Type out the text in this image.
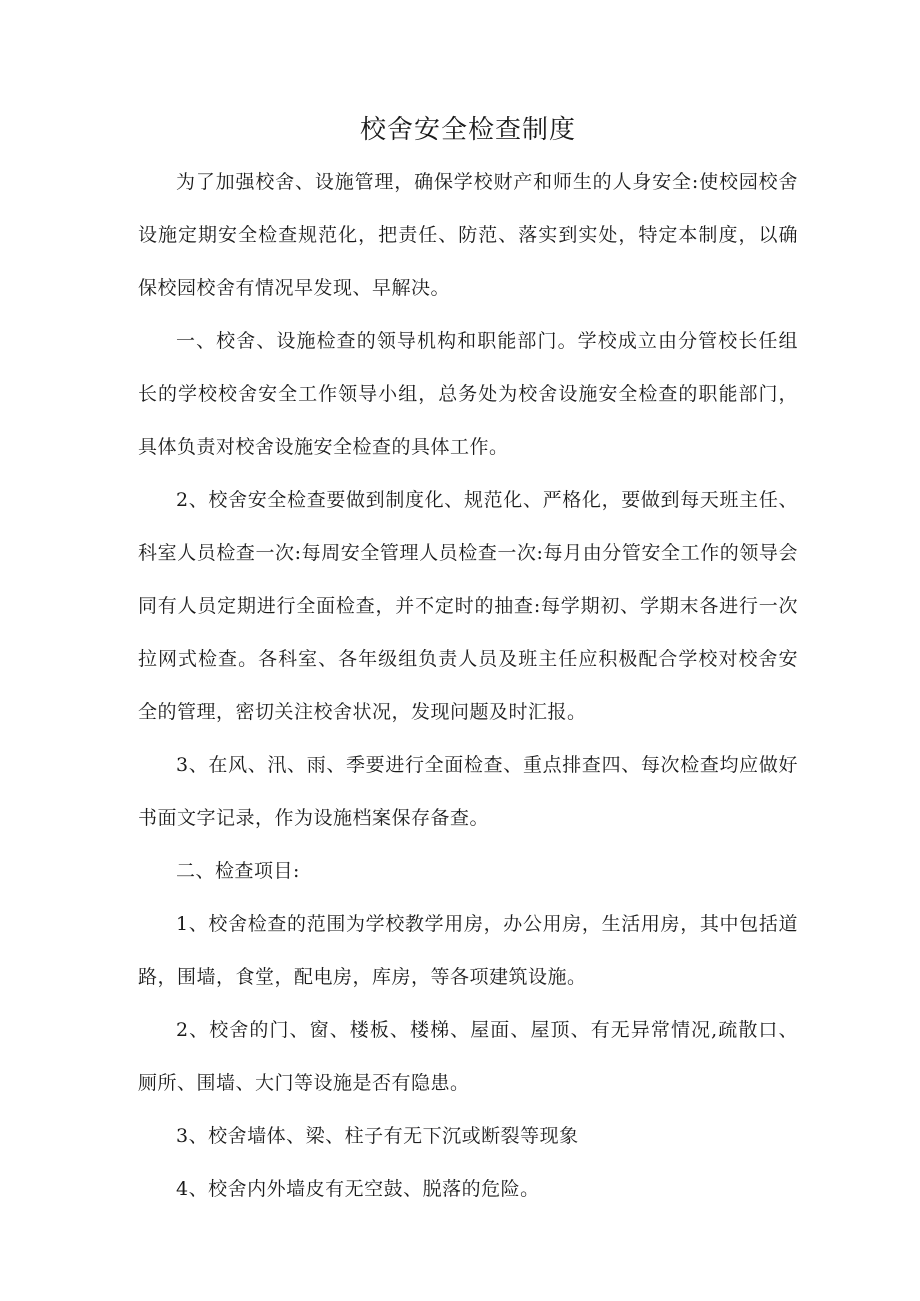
校舍安全检查制度

为了加强校舍、设施管理，确保学校财产和师生的人身安全:使校园校舍设施定期安全检查规范化，把责任、防范、落实到实处，特定本制度，以确保校园校舍有情况早发现、早解决。

一、校舍、设施检查的领导机构和职能部门。学校成立由分管校长任组长的学校校舍安全工作领导小组，总务处为校舍设施安全检查的职能部门，具体负责对校舍设施安全检查的具体工作。

2、校舍安全检查要做到制度化、规范化、严格化，要做到每天班主任、科室人员检查一次:每周安全管理人员检查一次:每月由分管安全工作的领导会同有人员定期进行全面检查，并不定时的抽查:每学期初、学期末各进行一次拉网式检查。各科室、各年级组负责人员及班主任应积极配合学校对校舍安全的管理，密切关注校舍状况，发现问题及时汇报。

3、在风、汛、雨、季要进行全面检查、重点排查四、每次检查均应做好书面文字记录，作为设施档案保存备查。

二、检查项目:

1、校舍检查的范围为学校教学用房，办公用房，生活用房，其中包括道路，围墙，食堂，配电房，库房，等各项建筑设施。

2、校舍的门、窗、楼板、楼梯、屋面、屋顶、有无异常情况,疏散口、厕所、围墙、大门等设施是否有隐患。

3、校舍墙体、梁、柱子有无下沉或断裂等现象

4、校舍内外墙皮有无空鼓、脱落的危险。
